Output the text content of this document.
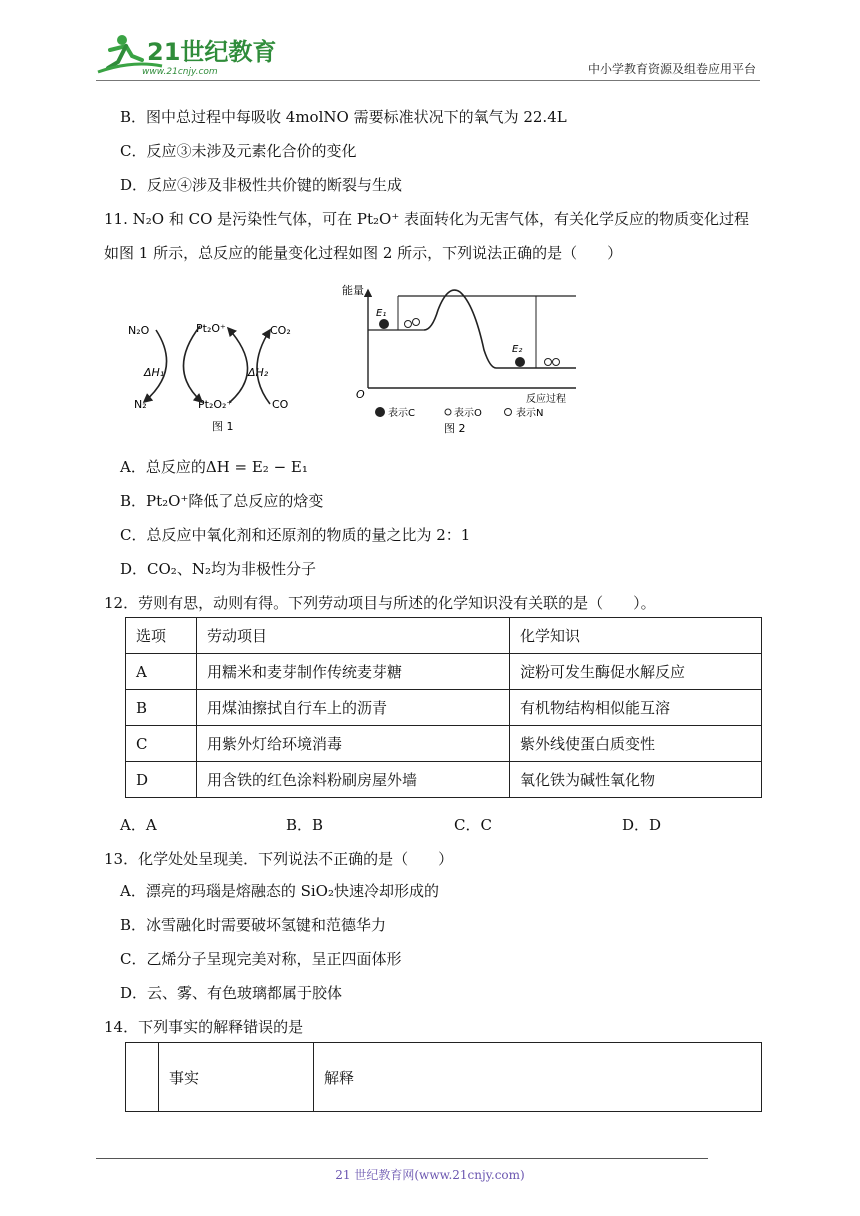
21世纪教育
www.21cnjy.com	中小学教育资源及组卷应用平台
B．图中总过程中每吸收 4molNO 需要标准状况下的氧气为 22.4L
C．反应③未涉及元素化合价的变化
D．反应④涉及非极性共价键的断裂与生成
11. N₂O 和 CO 是污染性气体，可在 Pt₂O⁺ 表面转化为无害气体，有关化学反应的物质变化过程
如图 1 所示，总反应的能量变化过程如图 2 所示，下列说法正确的是（　　）
N₂O	Pt₂O⁺	CO₂
ΔH₁	ΔH₂
N₂	Pt₂O₂⁺	CO
图 1
能量
O	反应过程
E₁
E₂
表示C	表示O	表示N
图 2
A．总反应的ΔH = E₂ − E₁
B．Pt₂O⁺降低了总反应的焓变
C．总反应中氧化剂和还原剂的物质的量之比为 2：1
D．CO₂、N₂均为非极性分子
12．劳则有思，动则有得。下列劳动项目与所述的化学知识没有关联的是（　　）。
选项	劳动项目	化学知识
A	用糯米和麦芽制作传统麦芽糖	淀粉可发生酶促水解反应
B	用煤油擦拭自行车上的沥青	有机物结构相似能互溶
C	用紫外灯给环境消毒	紫外线使蛋白质变性
D	用含铁的红色涂料粉刷房屋外墙	氧化铁为碱性氧化物
A．A	B．B	C．C	D．D
13．化学处处呈现美．下列说法不正确的是（　　）
A．漂亮的玛瑙是熔融态的 SiO₂快速冷却形成的
B．冰雪融化时需要破坏氢键和范德华力
C．乙烯分子呈现完美对称，呈正四面体形
D．云、雾、有色玻璃都属于胶体
14．下列事实的解释错误的是
	事实	解释
21 世纪教育网(www.21cnjy.com)
